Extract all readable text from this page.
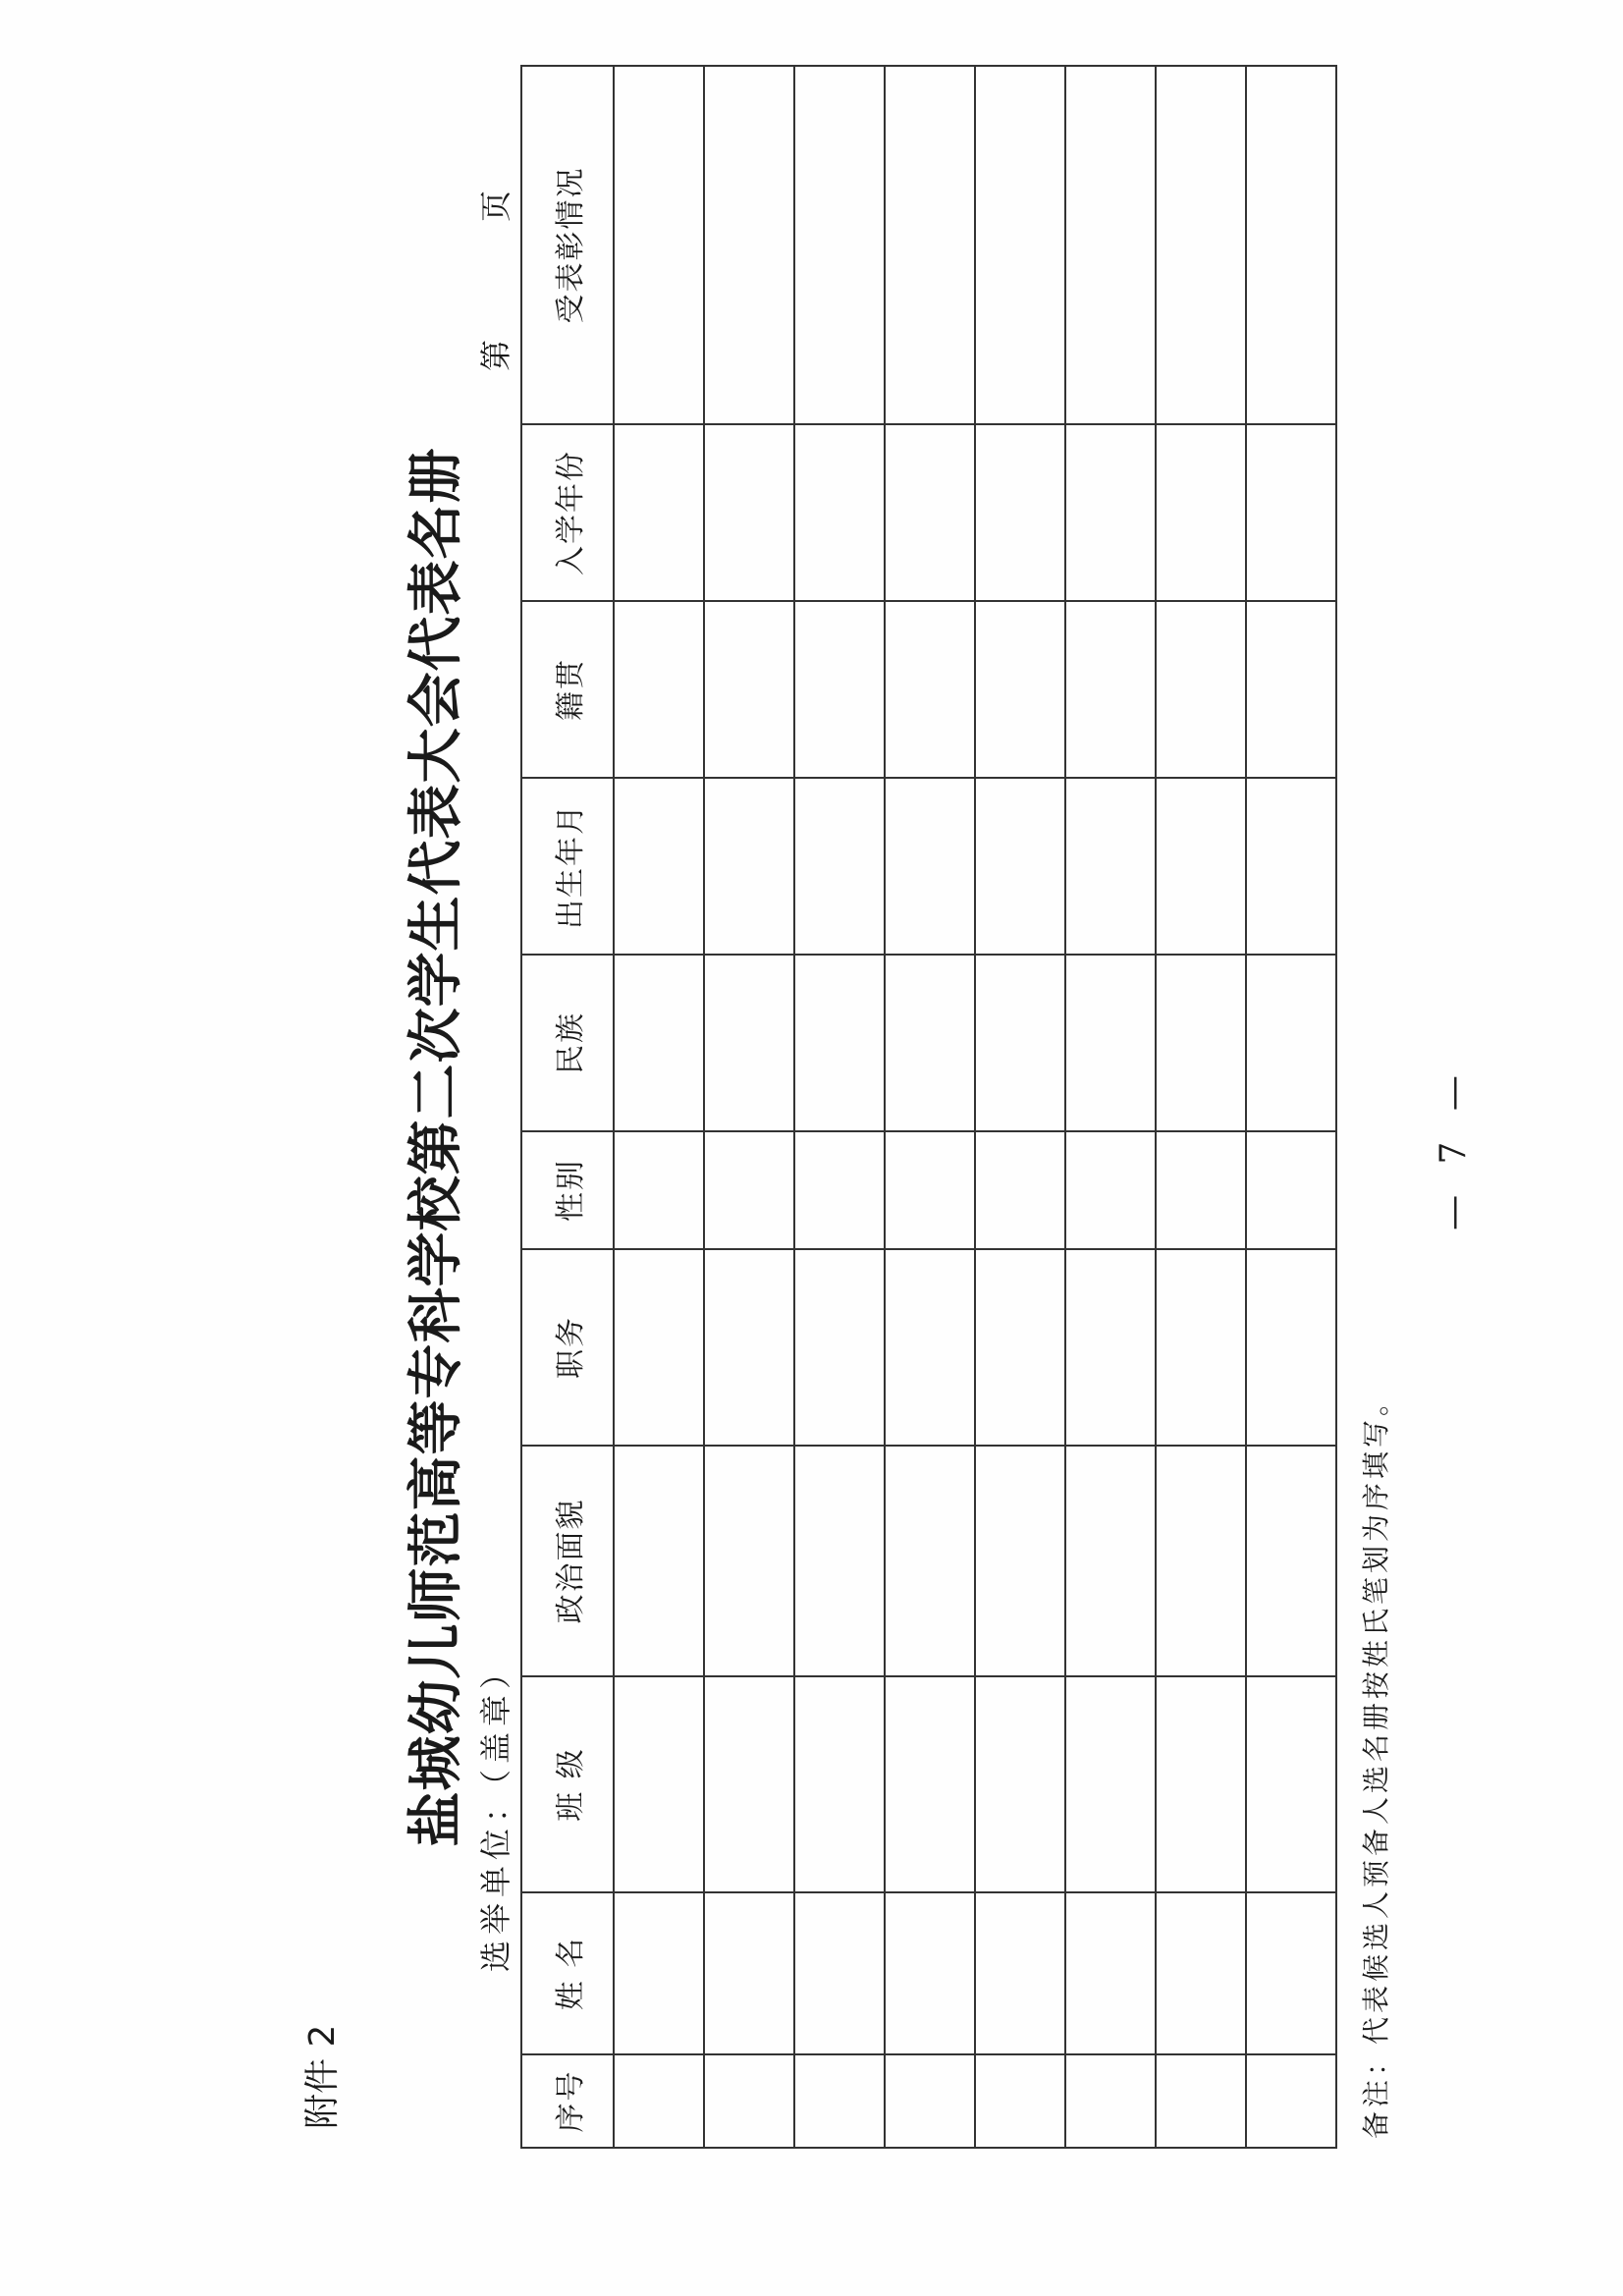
附件 2
盐城幼儿师范高等专科学校第二次学生代表大会代表名册 选举单位：（盖章）
第页
序号	姓 名	班 级	政治面貌	职务	性别	民族	出生年月	籍贯	入学年份	受表彰情况

备注：代表候选人预备人选名册按姓氏笔划为序填写。
— 7 —
